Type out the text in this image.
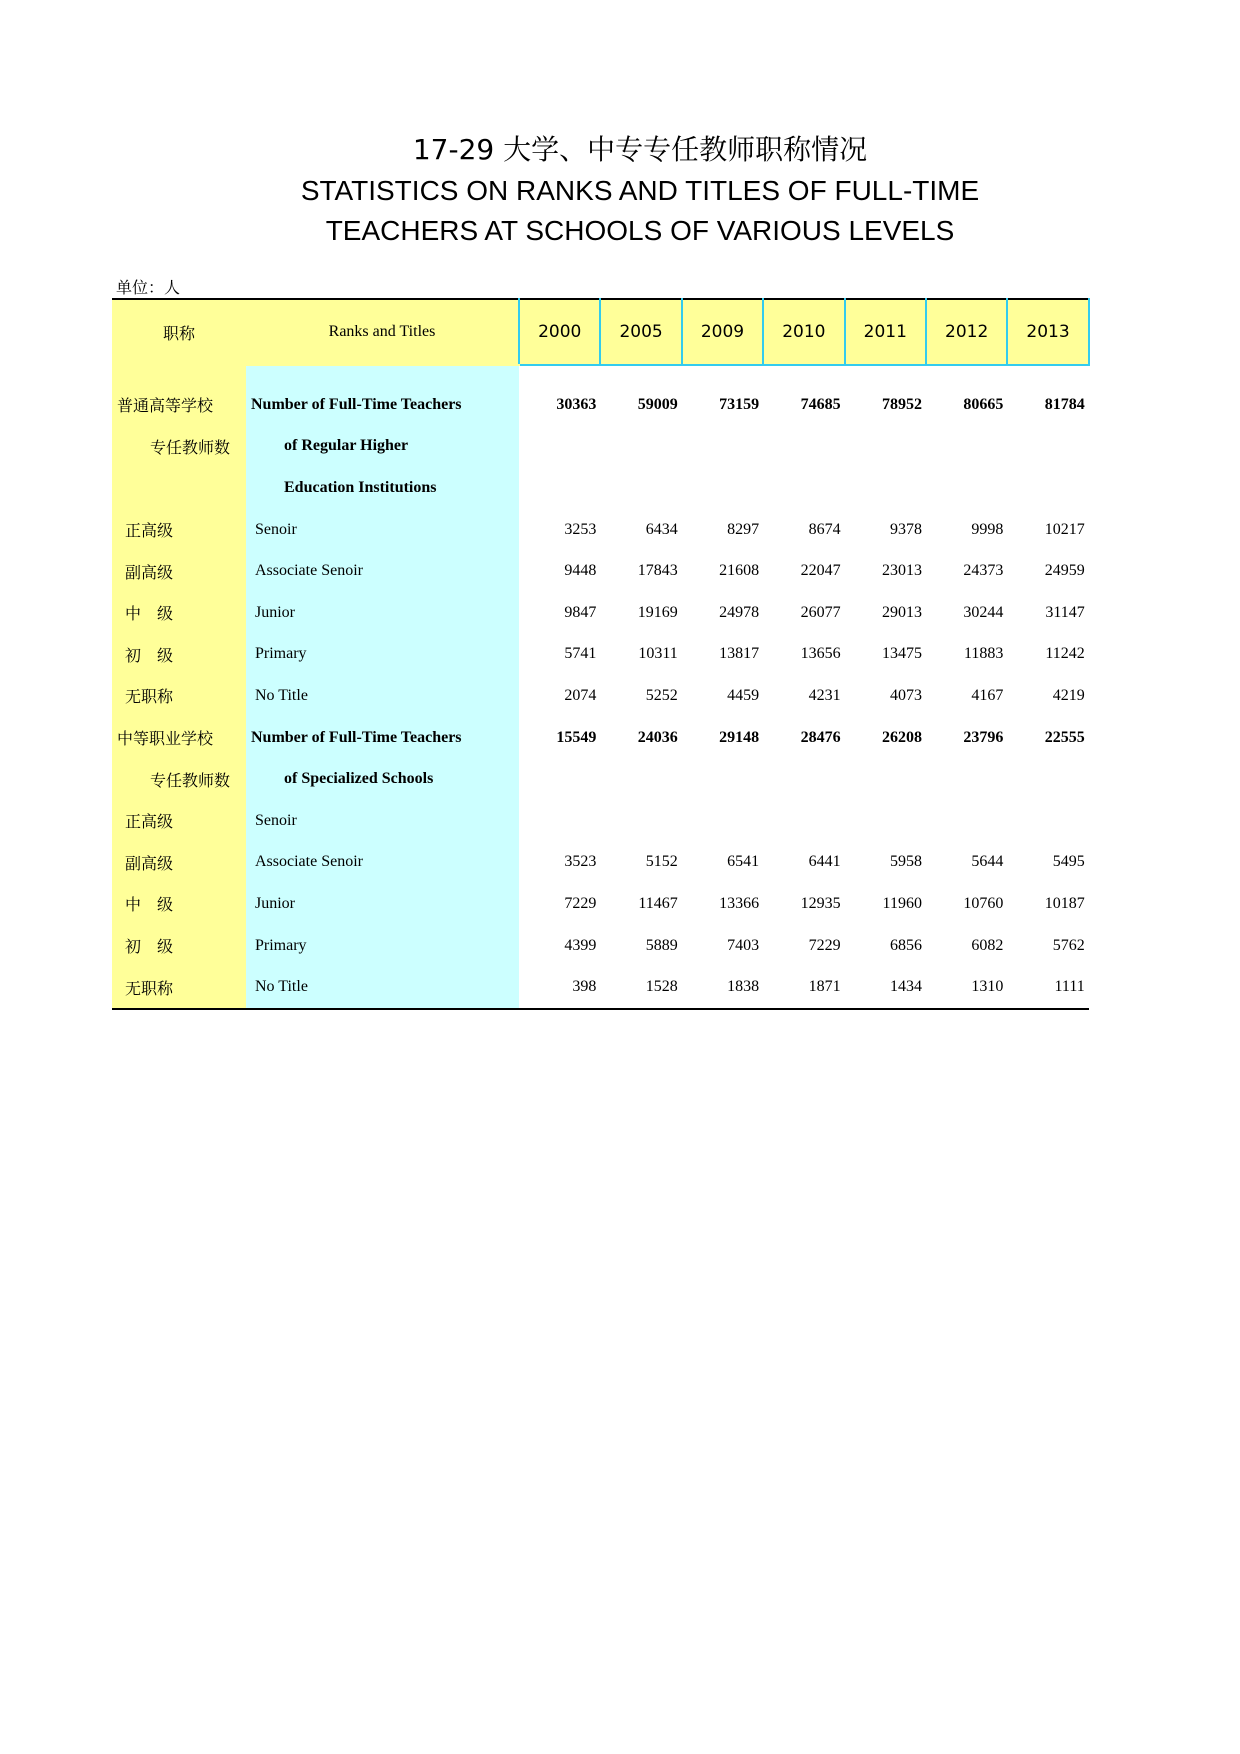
17-29 大学、中专专任教师职称情况
STATISTICS ON RANKS AND TITLES OF FULL-TIME
TEACHERS AT SCHOOLS OF VARIOUS LEVELS
单位：人
职称	Ranks and Titles	2000	2005	2009	2010	2011	2012	2013

普通高等学校	Number of Full-Time Teachers	30363	59009	73159	74685	78952	80665	81784
专任教师数	of Regular Higher							
	Education Institutions							
正高级	Senoir	3253	6434	8297	8674	9378	9998	10217
副高级	Associate Senoir	9448	17843	21608	22047	23013	24373	24959
中　级	Junior	9847	19169	24978	26077	29013	30244	31147
初　级	Primary	5741	10311	13817	13656	13475	11883	11242
无职称	No Title	2074	5252	4459	4231	4073	4167	4219
中等职业学校	Number of Full-Time Teachers	15549	24036	29148	28476	26208	23796	22555
专任教师数	of Specialized Schools							
正高级	Senoir							
副高级	Associate Senoir	3523	5152	6541	6441	5958	5644	5495
中　级	Junior	7229	11467	13366	12935	11960	10760	10187
初　级	Primary	4399	5889	7403	7229	6856	6082	5762
无职称	No Title	398	1528	1838	1871	1434	1310	1111
